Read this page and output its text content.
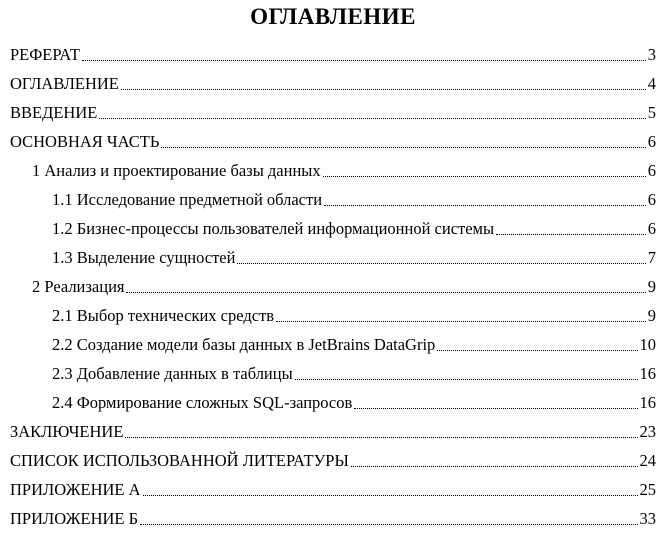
ОГЛАВЛЕНИЕ
РЕФЕРАТ	3
ОГЛАВЛЕНИЕ	4
ВВЕДЕНИЕ	5
ОСНОВНАЯ ЧАСТЬ	6
1 Анализ и проектирование базы данных	6
1.1 Исследование предметной области	6
1.2 Бизнес-процессы пользователей информационной системы	6
1.3 Выделение сущностей	7
2 Реализация	9
2.1 Выбор технических средств	9
2.2 Создание модели базы данных в JetBrains DataGrip	10
2.3 Добавление данных в таблицы	16
2.4 Формирование сложных SQL-запросов	16
ЗАКЛЮЧЕНИЕ	23
СПИСОК ИСПОЛЬЗОВАННОЙ ЛИТЕРАТУРЫ	24
ПРИЛОЖЕНИЕ А	25
ПРИЛОЖЕНИЕ Б	33
